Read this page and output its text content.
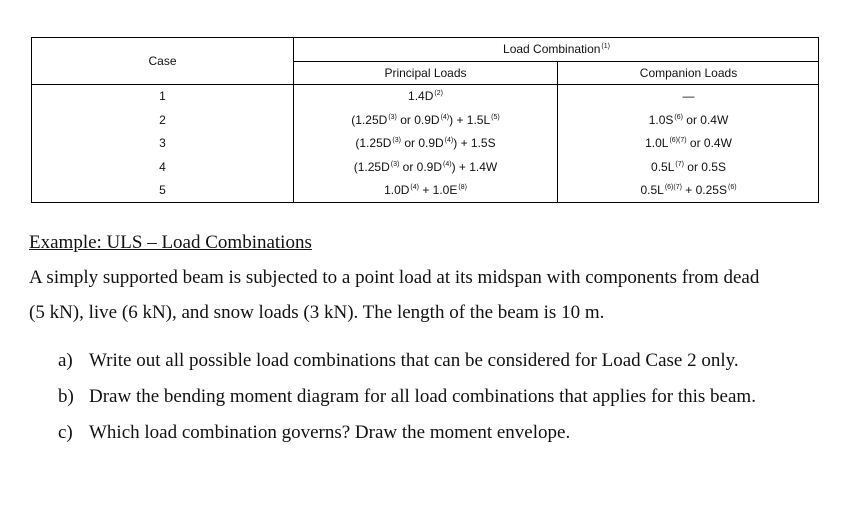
Case
Load Combination$^{(1)}$
Principal Loads	Companion Loads
1	1.4D$^{(2)}$	—
2	(1.25D$^{(3)}$ or 0.9D$^{(4)}$) + 1.5L$^{(5)}$	1.0S$^{(6)}$ or 0.4W
3	(1.25D$^{(3)}$ or 0.9D$^{(4)}$) + 1.5S	1.0L$^{(6)(7)}$ or 0.4W
4	(1.25D$^{(3)}$ or 0.9D$^{(4)}$) + 1.4W	0.5L$^{(7)}$ or 0.5S
5	1.0D$^{(4)}$ + 1.0E$^{(8)}$	0.5L$^{(6)(7)}$ + 0.25S$^{(6)}$
Example: ULS – Load Combinations
A simply supported beam is subjected to a point load at its midspan with components from dead
(5 kN), live (6 kN), and snow loads (3 kN). The length of the beam is 10 m.
a) Write out all possible load combinations that can be considered for Load Case 2 only.
b) Draw the bending moment diagram for all load combinations that applies for this beam.
c) Which load combination governs? Draw the moment envelope.
